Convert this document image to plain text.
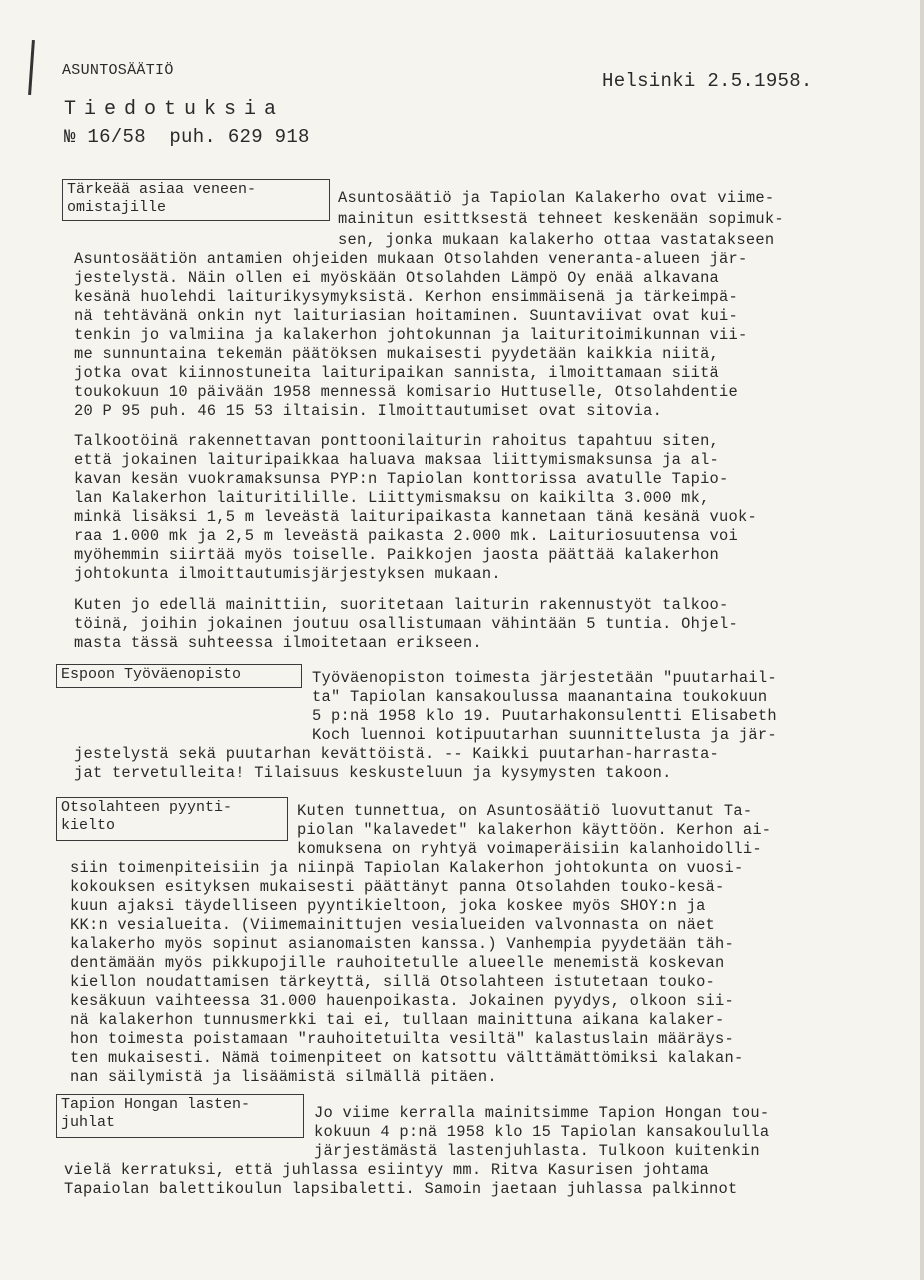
ASUNTOSÄÄTIÖ
Tiedotuksia
№ 16/58  puh. 629 918
Helsinki 2.5.1958.
Tärkeää asiaa veneen-
omistajille
Asuntosäätiö ja Tapiolan Kalakerho ovat viime-
mainitun esittksestä tehneet keskenään sopimuk-
sen, jonka mukaan kalakerho ottaa vastatakseen
Asuntosäätiön antamien ohjeiden mukaan Otsolahden veneranta-alueen jär-
jestelystä. Näin ollen ei myöskään Otsolahden Lämpö Oy enää alkavana
kesänä huolehdi laiturikysymyksistä. Kerhon ensimmäisenä ja tärkeimpä-
nä tehtävänä onkin nyt laituriasian hoitaminen. Suuntaviivat ovat kui-
tenkin jo valmiina ja kalakerhon johtokunnan ja laituritoimikunnan vii-
me sunnuntaina tekemän päätöksen mukaisesti pyydetään kaikkia niitä,
jotka ovat kiinnostuneita laituripaikan sannista, ilmoittamaan siitä
toukokuun 10 päivään 1958 mennessä komisario Huttuselle, Otsolahdentie
20 P 95 puh. 46 15 53 iltaisin. Ilmoittautumiset ovat sitovia.
Talkootöinä rakennettavan ponttoonilaiturin rahoitus tapahtuu siten,
että jokainen laituripaikkaa haluava maksaa liittymismaksunsa ja al-
kavan kesän vuokramaksunsa PYP:n Tapiolan konttorissa avatulle Tapio-
lan Kalakerhon laituritilille. Liittymismaksu on kaikilta 3.000 mk,
minkä lisäksi 1,5 m leveästä laituripaikasta kannetaan tänä kesänä vuok-
raa 1.000 mk ja 2,5 m leveästä paikasta 2.000 mk. Laituriosuutensa voi
myöhemmin siirtää myös toiselle. Paikkojen jaosta päättää kalakerhon
johtokunta ilmoittautumisjärjestyksen mukaan.
Kuten jo edellä mainittiin, suoritetaan laiturin rakennustyöt talkoo-
töinä, joihin jokainen joutuu osallistumaan vähintään 5 tuntia. Ohjel-
masta tässä suhteessa ilmoitetaan erikseen.
Espoon Työväenopisto	Työväenopiston toimesta järjestetään "puutarhail-
ta" Tapiolan kansakoulussa maanantaina toukokuun
5 p:nä 1958 klo 19. Puutarhakonsulentti Elisabeth
Koch luennoi kotipuutarhan suunnittelusta ja jär-
jestelystä sekä puutarhan kevättöistä. -- Kaikki puutarhan-harrasta-
jat tervetulleita! Tilaisuus keskusteluun ja kysymysten takoon.
Otsolahteen pyynti-
kielto
Kuten tunnettua, on Asuntosäätiö luovuttanut Ta-
piolan "kalavedet" kalakerhon käyttöön. Kerhon ai-
komuksena on ryhtyä voimaperäisiin kalanhoidolli-
siin toimenpiteisiin ja niinpä Tapiolan Kalakerhon johtokunta on vuosi-
kokouksen esityksen mukaisesti päättänyt panna Otsolahden touko-kesä-
kuun ajaksi täydelliseen pyyntikieltoon, joka koskee myös SHOY:n ja
KK:n vesialueita. (Viimemainittujen vesialueiden valvonnasta on näet
kalakerho myös sopinut asianomaisten kanssa.) Vanhempia pyydetään täh-
dentämään myös pikkupojille rauhoitetulle alueelle menemistä koskevan
kiellon noudattamisen tärkeyttä, sillä Otsolahteen istutetaan touko-
kesäkuun vaihteessa 31.000 hauenpoikasta. Jokainen pyydys, olkoon sii-
nä kalakerhon tunnusmerkki tai ei, tullaan mainittuna aikana kalaker-
hon toimesta poistamaan "rauhoitetuilta vesiltä" kalastuslain määräys-
ten mukaisesti. Nämä toimenpiteet on katsottu välttämättömiksi kalakan-
nan säilymistä ja lisäämistä silmällä pitäen.
Tapion Hongan lasten-
juhlat
Jo viime kerralla mainitsimme Tapion Hongan tou-
kokuun 4 p:nä 1958 klo 15 Tapiolan kansakoululla
järjestämästä lastenjuhlasta. Tulkoon kuitenkin
vielä kerratuksi, että juhlassa esiintyy mm. Ritva Kasurisen johtama
Tapaiolan balettikoulun lapsibaletti. Samoin jaetaan juhlassa palkinnot
